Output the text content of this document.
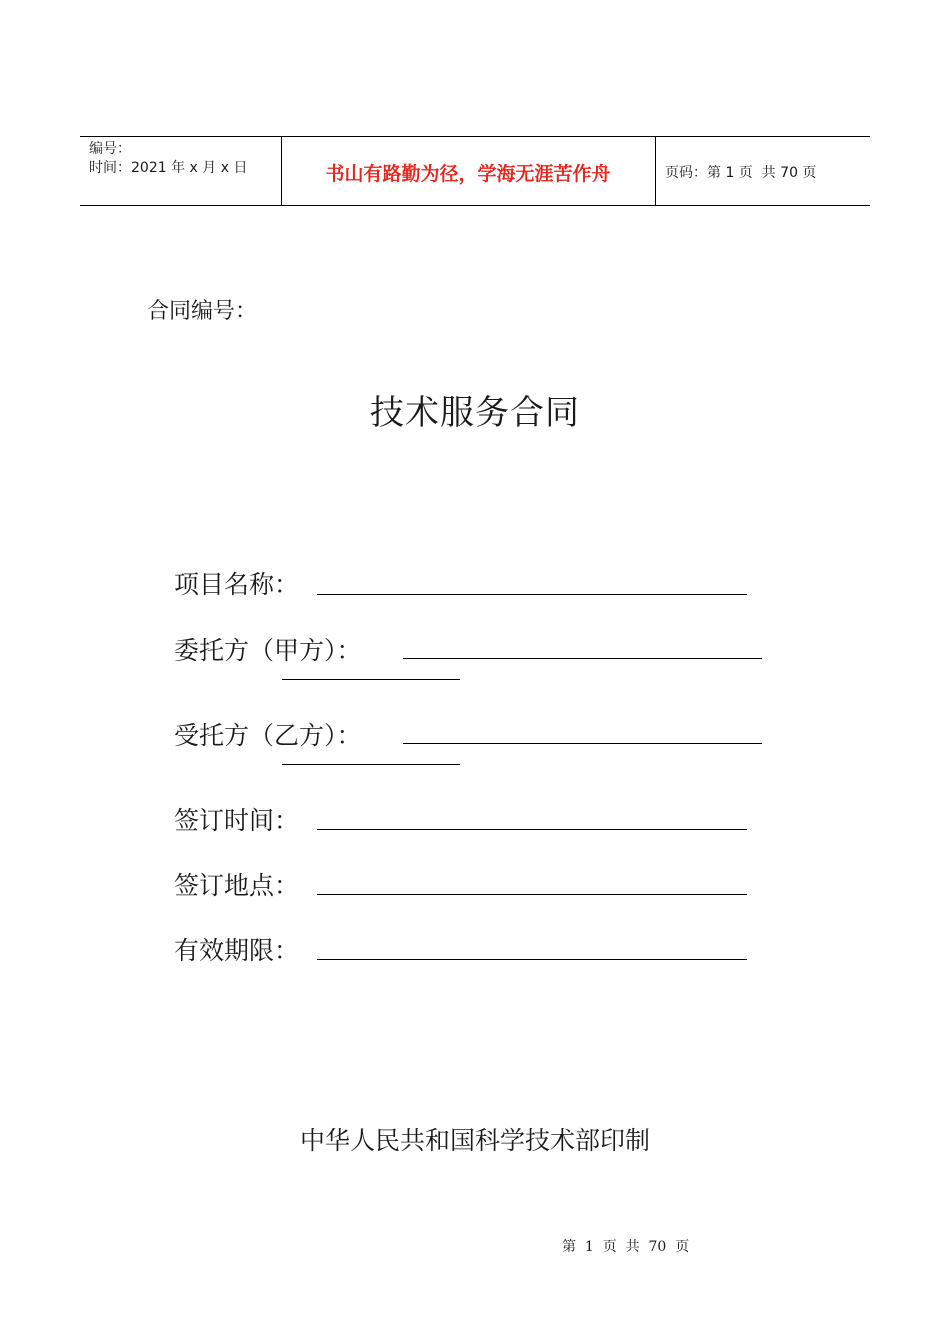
编号：
时间：2021 年 x 月 x 日	书山有路勤为径，学海无涯苦作舟	页码：第 1 页  共 70 页
合同编号：
技术服务合同
项目名称：
委托方（甲方）：
受托方（乙方）：
签订时间：
签订地点：
有效期限：
中华人民共和国科学技术部印制
第  1  页  共  70  页
